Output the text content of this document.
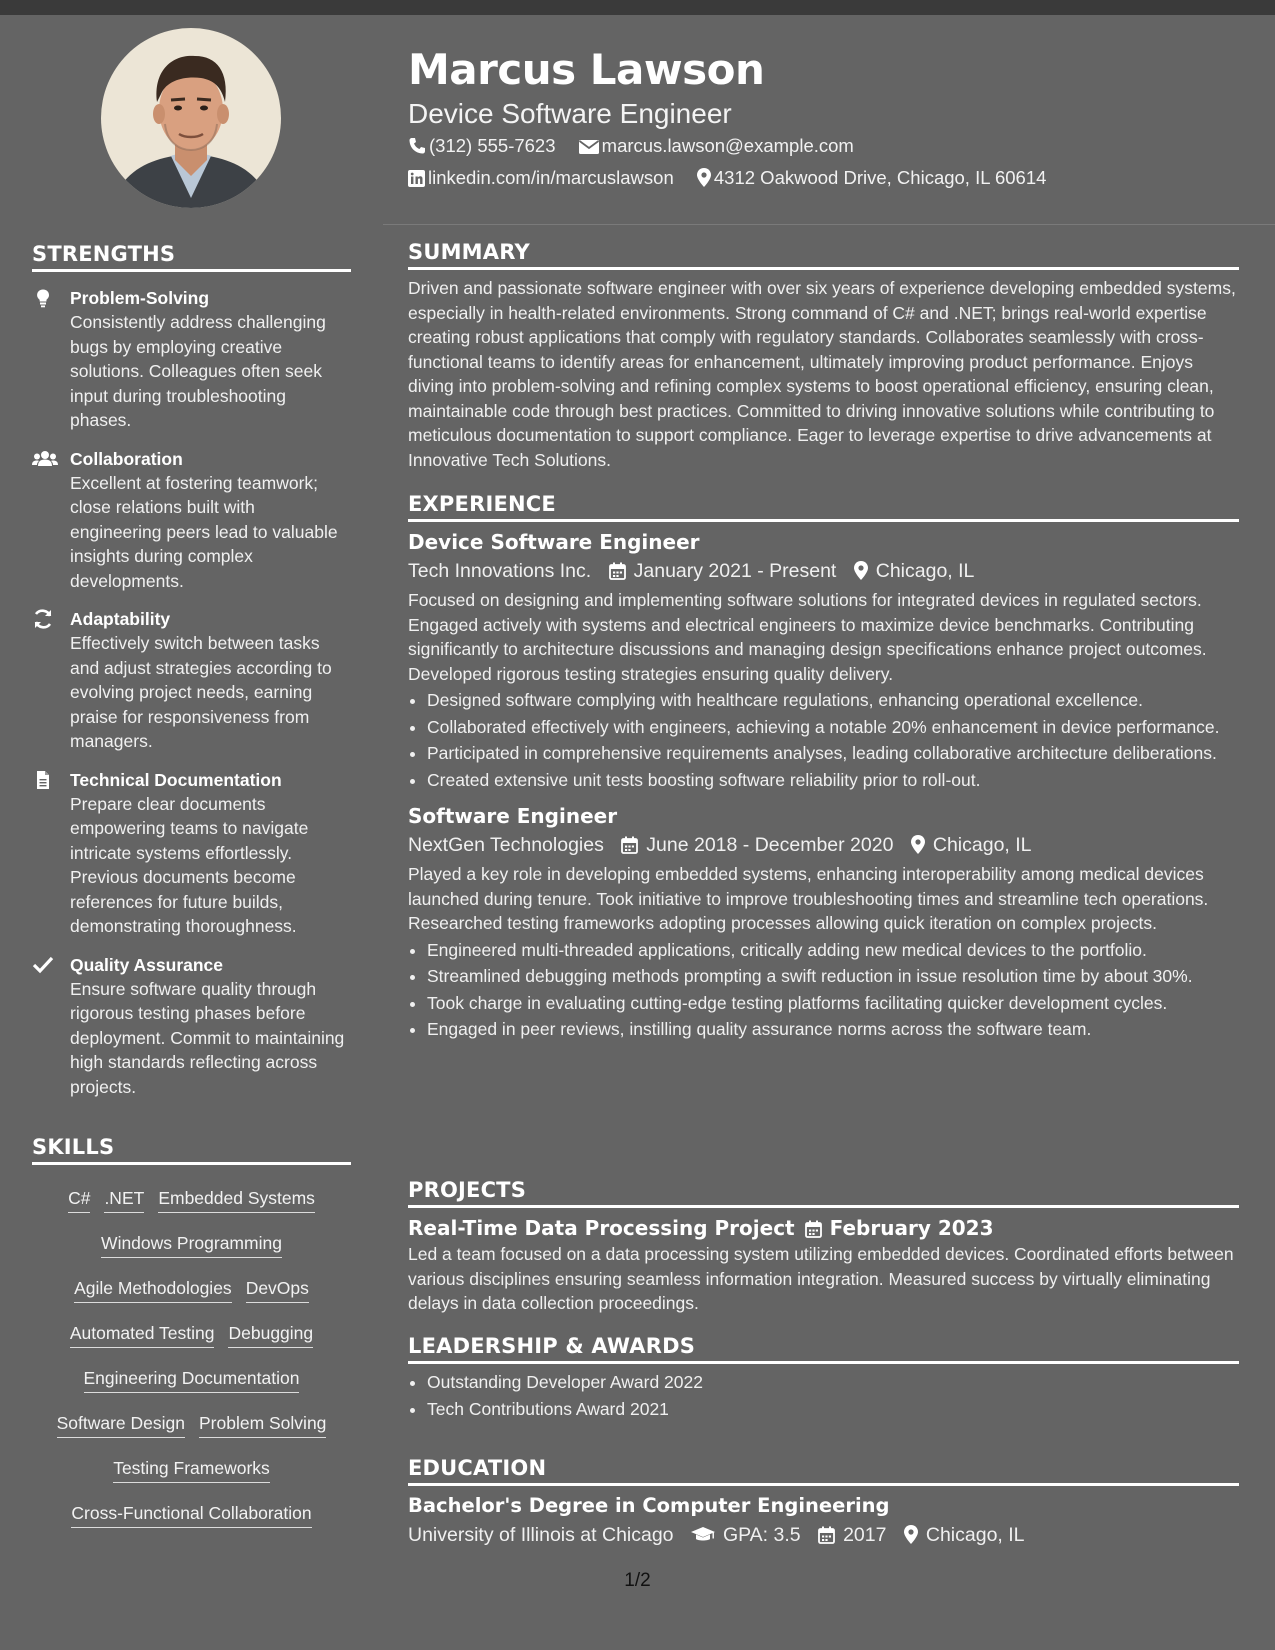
STRENGTHS
Problem-Solving
Consistently address challenging bugs by employing creative solutions. Colleagues often seek input during troubleshooting phases.
Collaboration
Excellent at fostering teamwork; close relations built with engineering peers lead to valuable insights during complex developments.
Adaptability
Effectively switch between tasks and adjust strategies according to evolving project needs, earning praise for responsiveness from managers.
Technical Documentation
Prepare clear documents empowering teams to navigate intricate systems effortlessly. Previous documents become references for future builds, demonstrating thoroughness.
Quality Assurance
Ensure software quality through rigorous testing phases before deployment. Commit to maintaining high standards reflecting across projects.
SKILLS
C# .NET Embedded Systems
Windows Programming
Agile Methodologies DevOps
Automated Testing Debugging
Engineering Documentation
Software Design Problem Solving
Testing Frameworks
Cross-Functional Collaboration
Marcus Lawson
Device Software Engineer
(312) 555-7623 marcus.lawson@example.com
linkedin.com/in/marcuslawson 4312 Oakwood Drive, Chicago, IL 60614
SUMMARY

Driven and passionate software engineer with over six years of experience developing embedded systems, especially in health-related environments. Strong command of C# and .NET; brings real-world expertise creating robust applications that comply with regulatory standards. Collaborates seamlessly with cross-functional teams to identify areas for enhancement, ultimately improving product performance. Enjoys diving into problem-solving and refining complex systems to boost operational efficiency, ensuring clean, maintainable code through best practices. Committed to driving innovative solutions while contributing to meticulous documentation to support compliance. Eager to leverage expertise to drive advancements at Innovative Tech Solutions.

EXPERIENCE
Device Software Engineer
Tech Innovations Inc. January 2021 - Present Chicago, IL

Focused on designing and implementing software solutions for integrated devices in regulated sectors. Engaged actively with systems and electrical engineers to maximize device benchmarks. Contributing significantly to architecture discussions and managing design specifications enhance project outcomes. Developed rigorous testing strategies ensuring quality delivery.

• Designed software complying with healthcare regulations, enhancing operational excellence.
• Collaborated effectively with engineers, achieving a notable 20% enhancement in device performance.
• Participated in comprehensive requirements analyses, leading collaborative architecture deliberations.
• Created extensive unit tests boosting software reliability prior to roll-out.
Software Engineer
NextGen Technologies June 2018 - December 2020 Chicago, IL

Played a key role in developing embedded systems, enhancing interoperability among medical devices launched during tenure. Took initiative to improve troubleshooting times and streamline tech operations. Researched testing frameworks adopting processes allowing quick iteration on complex projects.

• Engineered multi-threaded applications, critically adding new medical devices to the portfolio.
• Streamlined debugging methods prompting a swift reduction in issue resolution time by about 30%.
• Took charge in evaluating cutting-edge testing platforms facilitating quicker development cycles.
• Engaged in peer reviews, instilling quality assurance norms across the software team.
PROJECTS
Real-Time Data Processing Project February 2023

Led a team focused on a data processing system utilizing embedded devices. Coordinated efforts between various disciplines ensuring seamless information integration. Measured success by virtually eliminating delays in data collection proceedings.

LEADERSHIP & AWARDS
• Outstanding Developer Award 2022
• Tech Contributions Award 2021
EDUCATION
Bachelor's Degree in Computer Engineering
University of Illinois at Chicago	GPA: 3.5 2017 Chicago, IL
1/2
